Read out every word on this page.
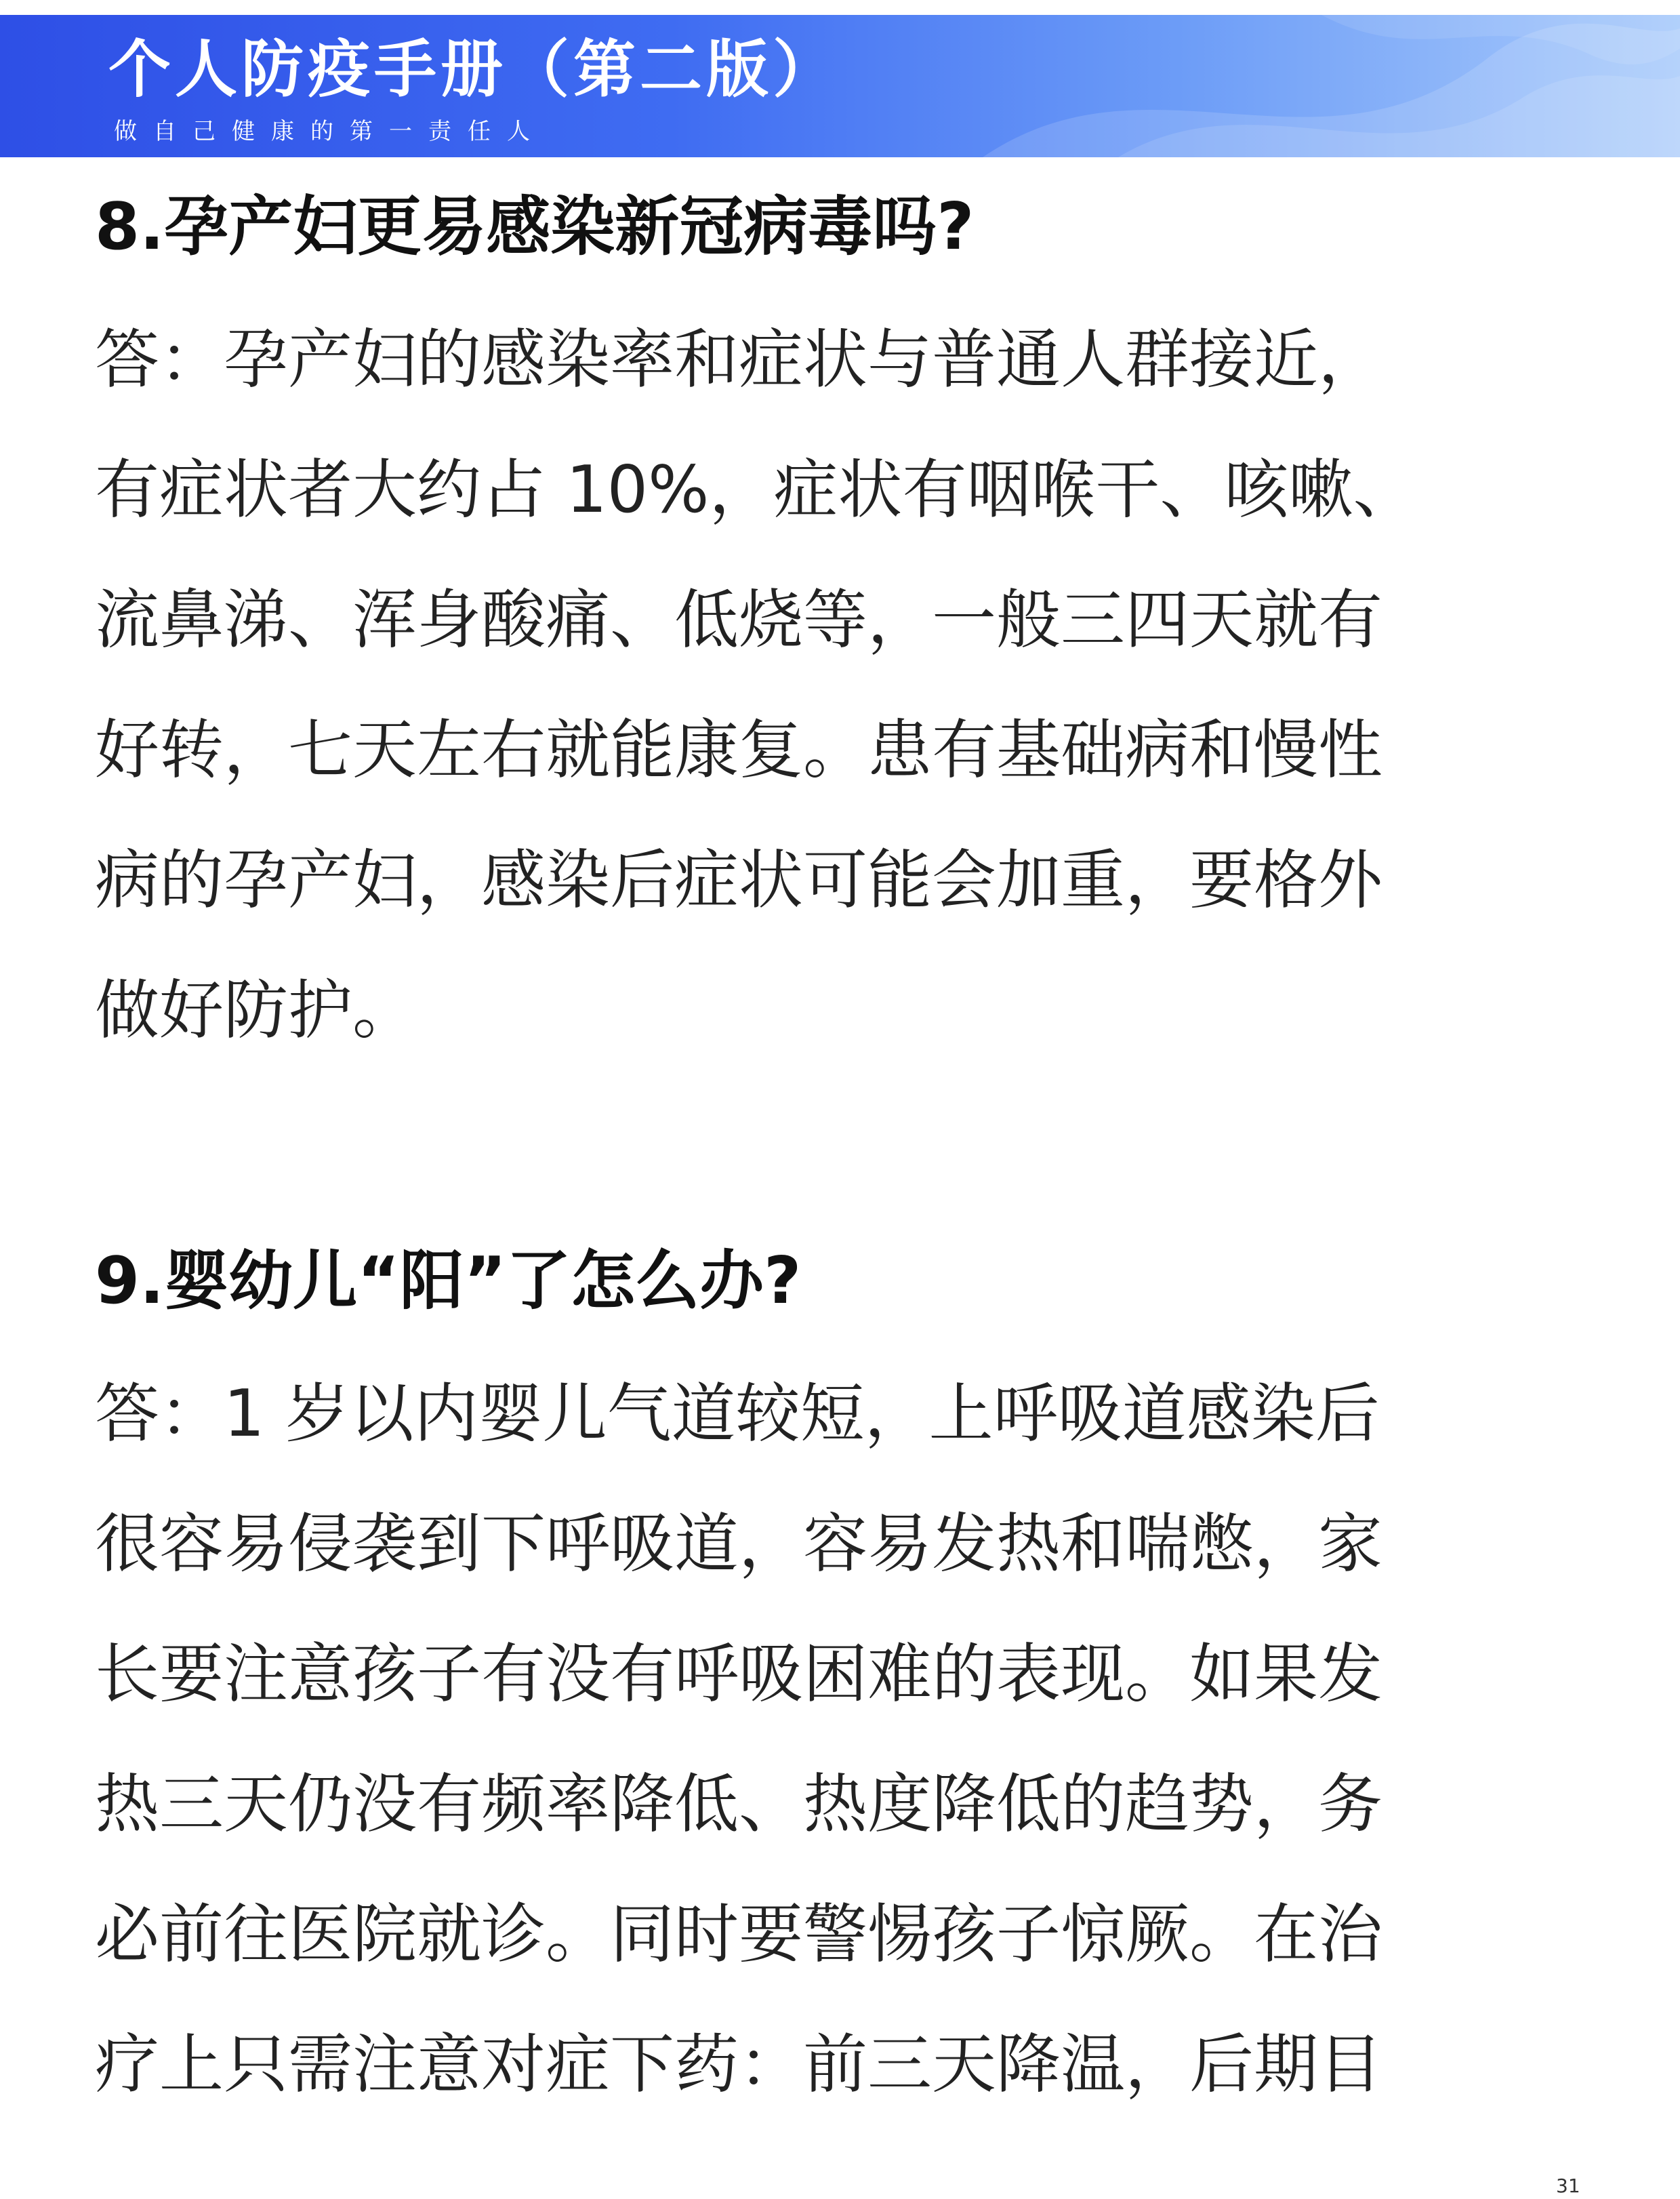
个人防疫手册（第二版）
做自己健康的第一责任人
8.孕产妇更易感染新冠病毒吗?
答：孕产妇的感染率和症状与普通人群接近，
有症状者大约占 10%，症状有咽喉干、咳嗽、
流鼻涕、浑身酸痛、低烧等，一般三四天就有
好转，七天左右就能康复。患有基础病和慢性
病的孕产妇，感染后症状可能会加重，要格外
做好防护。
9.婴幼儿“阳”了怎么办?
答：1 岁以内婴儿气道较短，上呼吸道感染后
很容易侵袭到下呼吸道，容易发热和喘憋，家
长要注意孩子有没有呼吸困难的表现。如果发
热三天仍没有频率降低、热度降低的趋势，务
必前往医院就诊。同时要警惕孩子惊厥。在治
疗上只需注意对症下药：前三天降温，后期目
31
